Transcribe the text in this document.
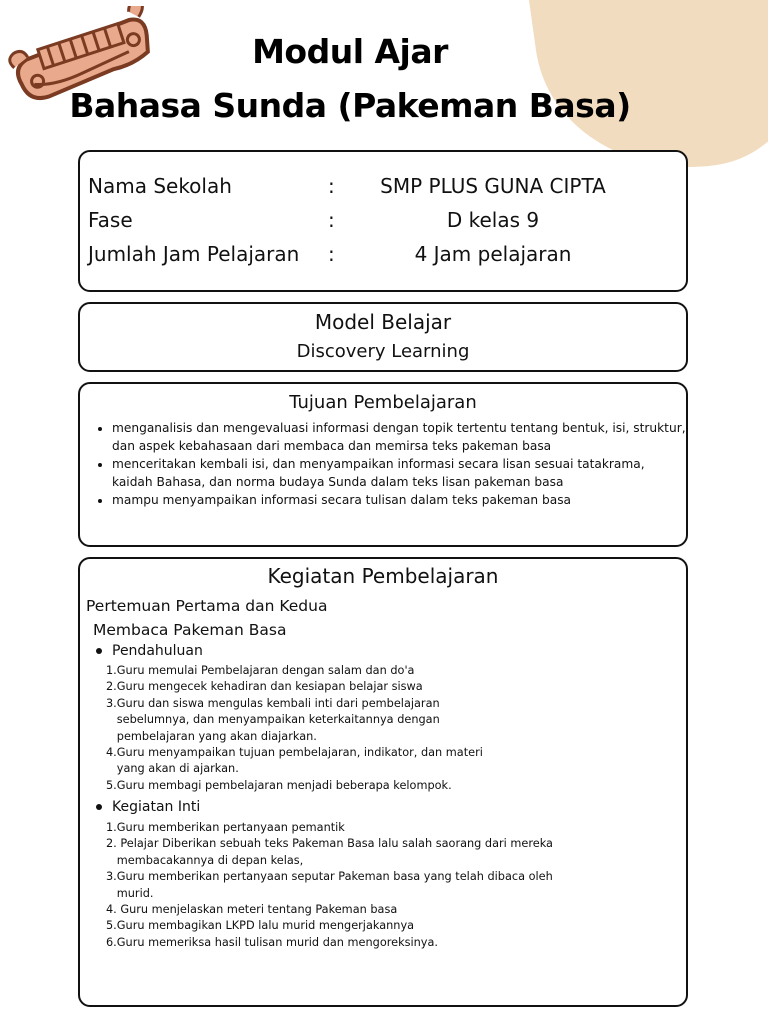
Modul Ajar
Bahasa Sunda (Pakeman Basa)
Nama Sekolah	:	SMP PLUS GUNA CIPTA
Fase	:	D kelas 9
Jumlah Jam Pelajaran :	4 Jam pelajaran
Model Belajar
Discovery Learning
Tujuan Pembelajaran
• menganalisis dan mengevaluasi informasi dengan topik tertentu tentang bentuk, isi, struktur, dan aspek kebahasaan dari membaca dan memirsa teks pakeman basa
• menceritakan kembali isi, dan menyampaikan informasi secara lisan sesuai tatakrama, kaidah Bahasa, dan norma budaya Sunda dalam teks lisan pakeman basa
• mampu menyampaikan informasi secara tulisan dalam teks pakeman basa
Kegiatan Pembelajaran
Pertemuan Pertama dan Kedua
Membaca Pakeman Basa
Pendahuluan
1.Guru memulai Pembelajaran dengan salam dan do'a
2.Guru mengecek kehadiran dan kesiapan belajar siswa
3.Guru dan siswa mengulas kembali inti dari pembelajaran
sebelumnya, dan menyampaikan keterkaitannya dengan
pembelajaran yang akan diajarkan.
4.Guru menyampaikan tujuan pembelajaran, indikator, dan materi
yang akan di ajarkan.
5.Guru membagi pembelajaran menjadi beberapa kelompok.
Kegiatan Inti
1.Guru memberikan pertanyaan pemantik
2. Pelajar Diberikan sebuah teks Pakeman Basa lalu salah saorang dari mereka
membacakannya di depan kelas,
3.Guru memberikan pertanyaan seputar Pakeman basa yang telah dibaca oleh
murid.
4. Guru menjelaskan meteri tentang Pakeman basa
5.Guru membagikan LKPD lalu murid mengerjakannya
6.Guru memeriksa hasil tulisan murid dan mengoreksinya.
